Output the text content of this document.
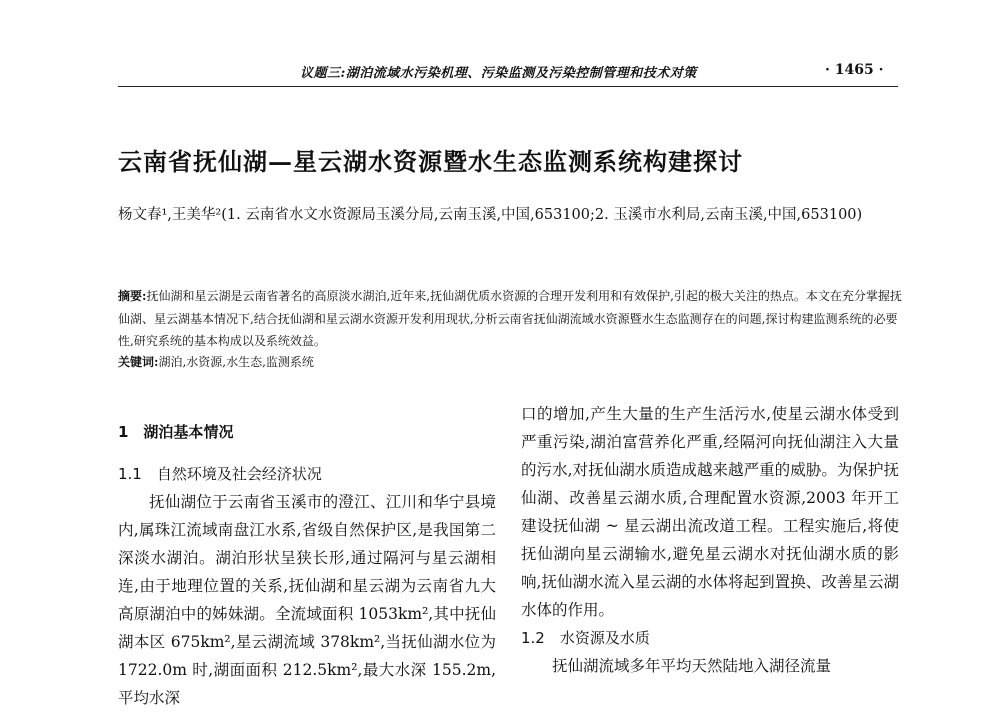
议题三:湖泊流域水污染机理、污染监测及污染控制管理和技术对策	· 1465 ·
云南省抚仙湖—星云湖水资源暨水生态监测系统构建探讨
杨文春¹,王美华²(1. 云南省水文水资源局玉溪分局,云南玉溪,中国,653100;2. 玉溪市水利局,云南玉溪,中国,653100)
摘要:抚仙湖和星云湖是云南省著名的高原淡水湖泊,近年来,抚仙湖优质水资源的合理开发利用和有效保护,引起的极大关注的热点。本文在充分掌握抚仙湖、星云湖基本情况下,结合抚仙湖和星云湖水资源开发利用现状,分析云南省抚仙湖流域水资源暨水生态监测存在的问题,探讨构建监测系统的必要性,研究系统的基本构成以及系统效益。
关键词:湖泊,水资源,水生态,监测系统
1　湖泊基本情况
1.1　自然环境及社会经济状况
抚仙湖位于云南省玉溪市的澄江、江川和华宁县境内,属珠江流域南盘江水系,省级自然保护区,是我国第二深淡水湖泊。湖泊形状呈狭长形,通过隔河与星云湖相连,由于地理位置的关系,抚仙湖和星云湖为云南省九大高原湖泊中的姊妹湖。全流域面积 1053km²,其中抚仙湖本区 675km²,星云湖流域 378km²,当抚仙湖水位为 1722.0m 时,湖面面积 212.5km²,最大水深 155.2m,平均水深
口的增加,产生大量的生产生活污水,使星云湖水体受到严重污染,湖泊富营养化严重,经隔河向抚仙湖注入大量的污水,对抚仙湖水质造成越来越严重的威胁。为保护抚仙湖、改善星云湖水质,合理配置水资源,2003 年开工建设抚仙湖 ~ 星云湖出流改道工程。工程实施后,将使抚仙湖向星云湖输水,避免星云湖水对抚仙湖水质的影响,抚仙湖水流入星云湖的水体将起到置换、改善星云湖水体的作用。
1.2　水资源及水质
抚仙湖流域多年平均天然陆地入湖径流量
